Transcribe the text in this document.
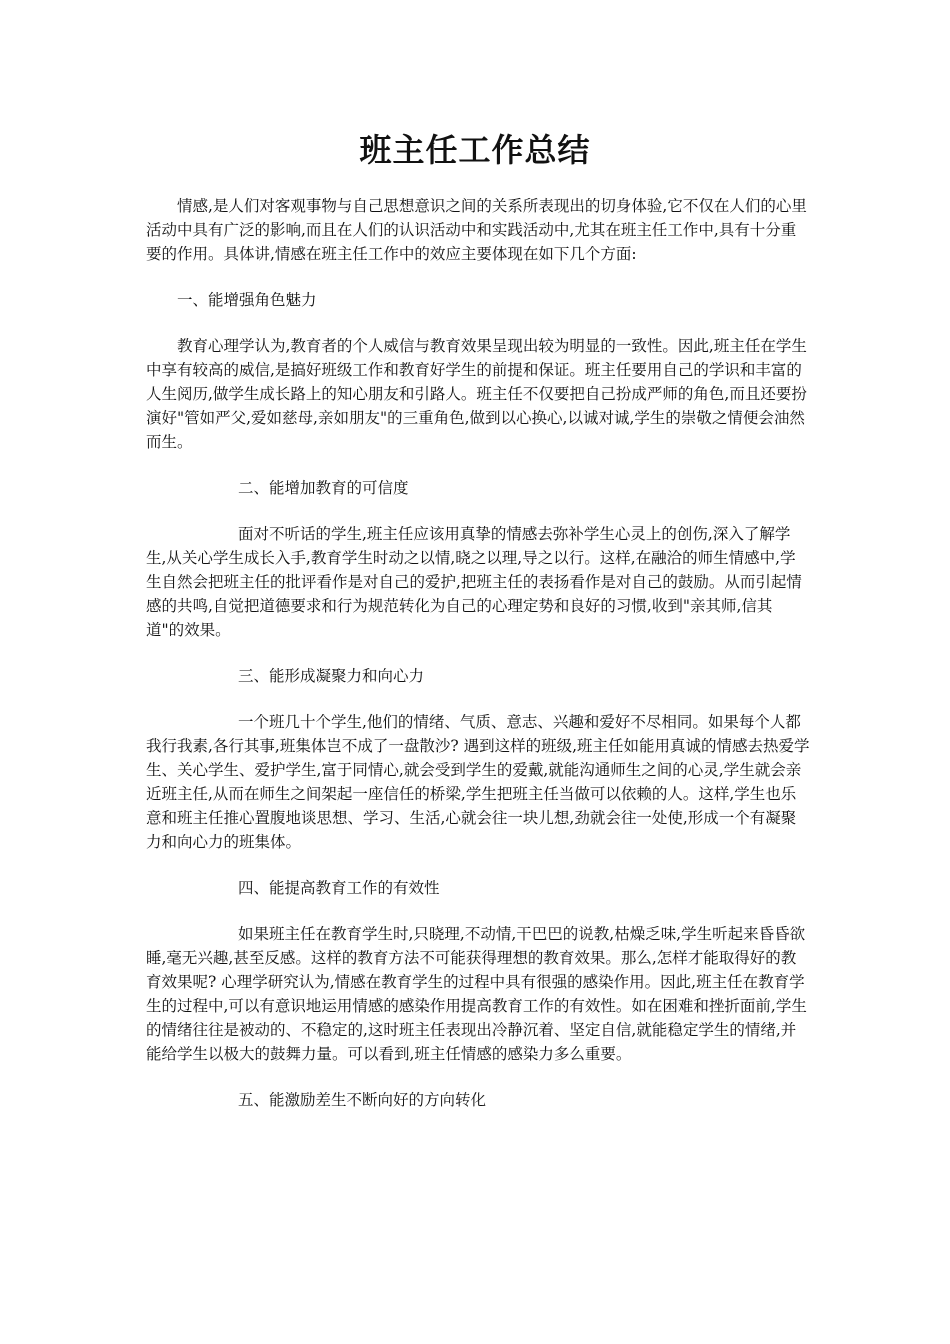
班主任工作总结

情感,是人们对客观事物与自己思想意识之间的关系所表现出的切身体验,它不仅在人们的心里活动中具有广泛的影响,而且在人们的认识活动中和实践活动中,尤其在班主任工作中,具有十分重要的作用。具体讲,情感在班主任工作中的效应主要体现在如下几个方面:

一、能增强角色魅力

教育心理学认为,教育者的个人威信与教育效果呈现出较为明显的一致性。因此,班主任在学生中享有较高的威信,是搞好班级工作和教育好学生的前提和保证。班主任要用自己的学识和丰富的人生阅历,做学生成长路上的知心朋友和引路人。班主任不仅要把自己扮成严师的角色,而且还要扮演好"管如严父,爱如慈母,亲如朋友"的三重角色,做到以心换心,以诚对诚,学生的崇敬之情便会油然而生。

二、能增加教育的可信度

面对不听话的学生,班主任应该用真挚的情感去弥补学生心灵上的创伤,深入了解学生,从关心学生成长入手,教育学生时动之以情,晓之以理,导之以行。这样,在融洽的师生情感中,学生自然会把班主任的批评看作是对自己的爱护,把班主任的表扬看作是对自己的鼓励。从而引起情感的共鸣,自觉把道德要求和行为规范转化为自己的心理定势和良好的习惯,收到"亲其师,信其道"的效果。

三、能形成凝聚力和向心力

一个班几十个学生,他们的情绪、气质、意志、兴趣和爱好不尽相同。如果每个人都我行我素,各行其事,班集体岂不成了一盘散沙? 遇到这样的班级,班主任如能用真诚的情感去热爱学生、关心学生、爱护学生,富于同情心,就会受到学生的爱戴,就能沟通师生之间的心灵,学生就会亲近班主任,从而在师生之间架起一座信任的桥梁,学生把班主任当做可以依赖的人。这样,学生也乐意和班主任推心置腹地谈思想、学习、生活,心就会往一块儿想,劲就会往一处使,形成一个有凝聚力和向心力的班集体。

四、能提高教育工作的有效性

如果班主任在教育学生时,只晓理,不动情,干巴巴的说教,枯燥乏味,学生听起来昏昏欲睡,毫无兴趣,甚至反感。这样的教育方法不可能获得理想的教育效果。那么,怎样才能取得好的教育效果呢? 心理学研究认为,情感在教育学生的过程中具有很强的感染作用。因此,班主任在教育学生的过程中,可以有意识地运用情感的感染作用提高教育工作的有效性。如在困难和挫折面前,学生的情绪往往是被动的、不稳定的,这时班主任表现出冷静沉着、坚定自信,就能稳定学生的情绪,并能给学生以极大的鼓舞力量。可以看到,班主任情感的感染力多么重要。

五、能激励差生不断向好的方向转化
